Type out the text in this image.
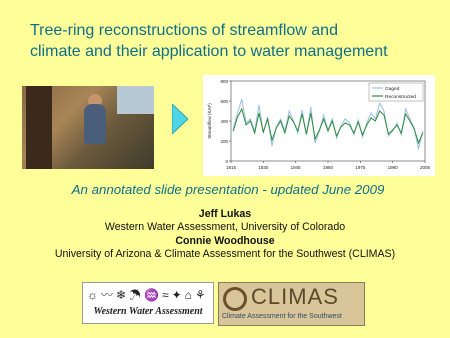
Tree-ring reconstructions of streamflow and
climate and their application to water management
0
200
400
600
800
1915	1930	1945	1960	1975	1990	2005
Streamflow (KAF)
Gaged
Reconstructed
An annotated slide presentation - updated June 2009
Jeff Lukas
Western Water Assessment, University of Colorado
Connie Woodhouse
University of Arizona & Climate Assessment for the Southwest (CLIMAS)
☼〰❄☂♒≈✦⌂⚘
Western Water Assessment
CLIMAS
Climate Assessment for the Southwest
